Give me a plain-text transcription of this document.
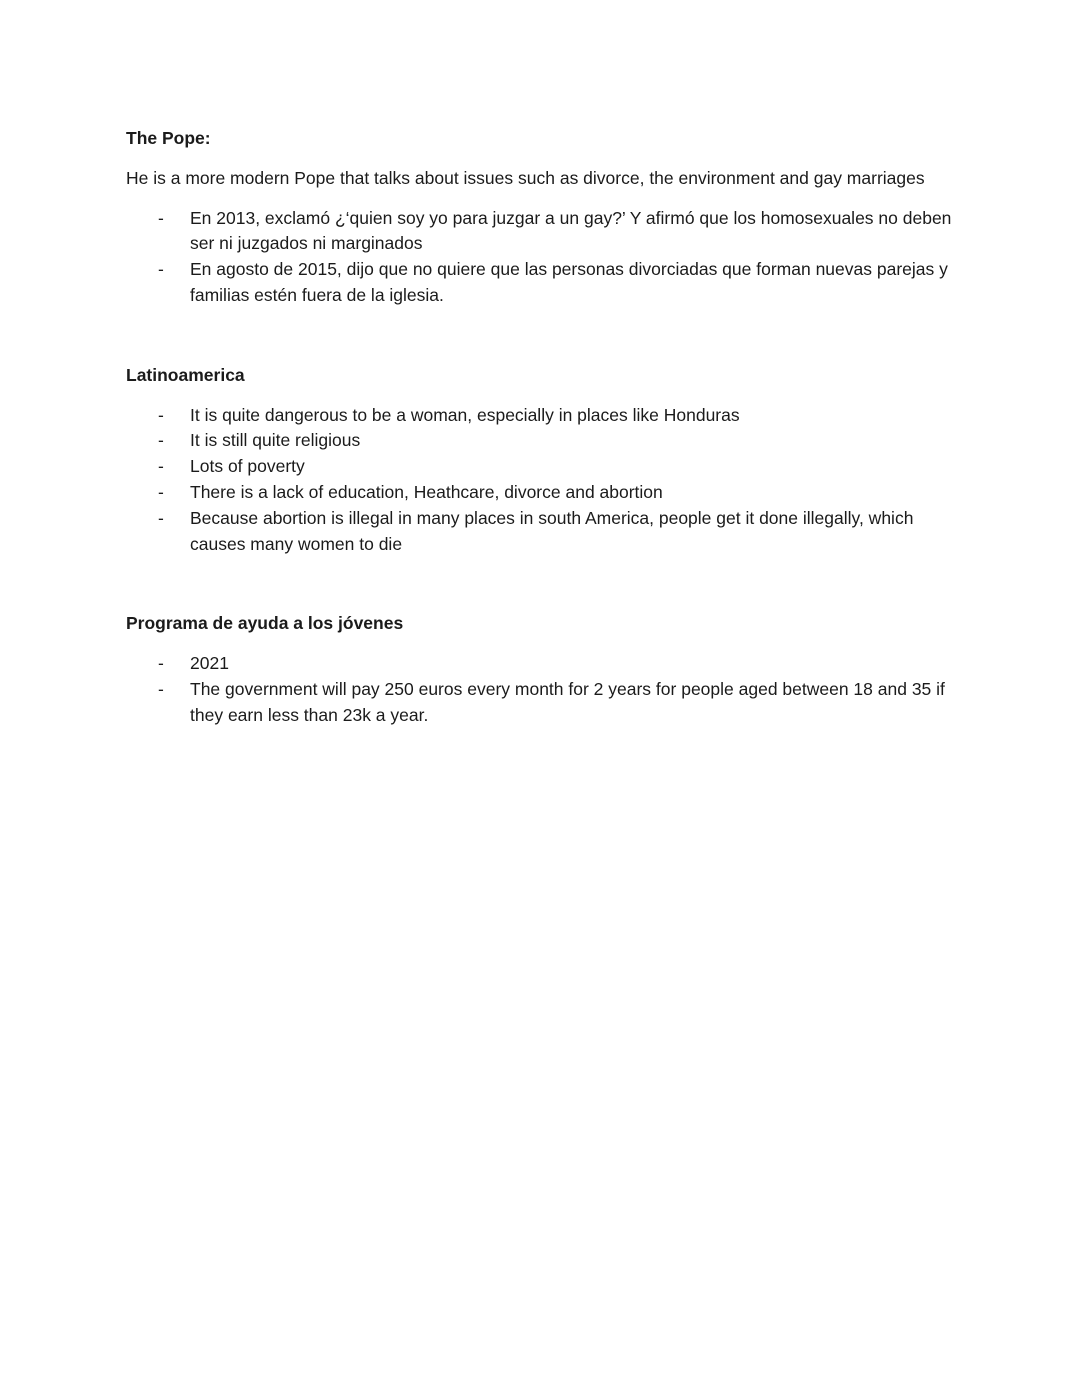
The Pope:

He is a more modern Pope that talks about issues such as divorce, the environment and gay marriages

-	En 2013, exclamó ¿‘quien soy yo para juzgar a un gay?’ Y afirmó que los homosexuales no deben ser ni juzgados ni marginados
-	En agosto de 2015, dijo que no quiere que las personas divorciadas que forman nuevas parejas y familias estén fuera de la iglesia.

Latinoamerica

-	It is quite dangerous to be a woman, especially in places like Honduras
-	It is still quite religious
-	Lots of poverty
-	There is a lack of education, Heathcare, divorce and abortion
-	Because abortion is illegal in many places in south America, people get it done illegally, which causes many women to die

Programa de ayuda a los jóvenes

-	2021
-	The government will pay 250 euros every month for 2 years for people aged between 18 and 35 if they earn less than 23k a year.
